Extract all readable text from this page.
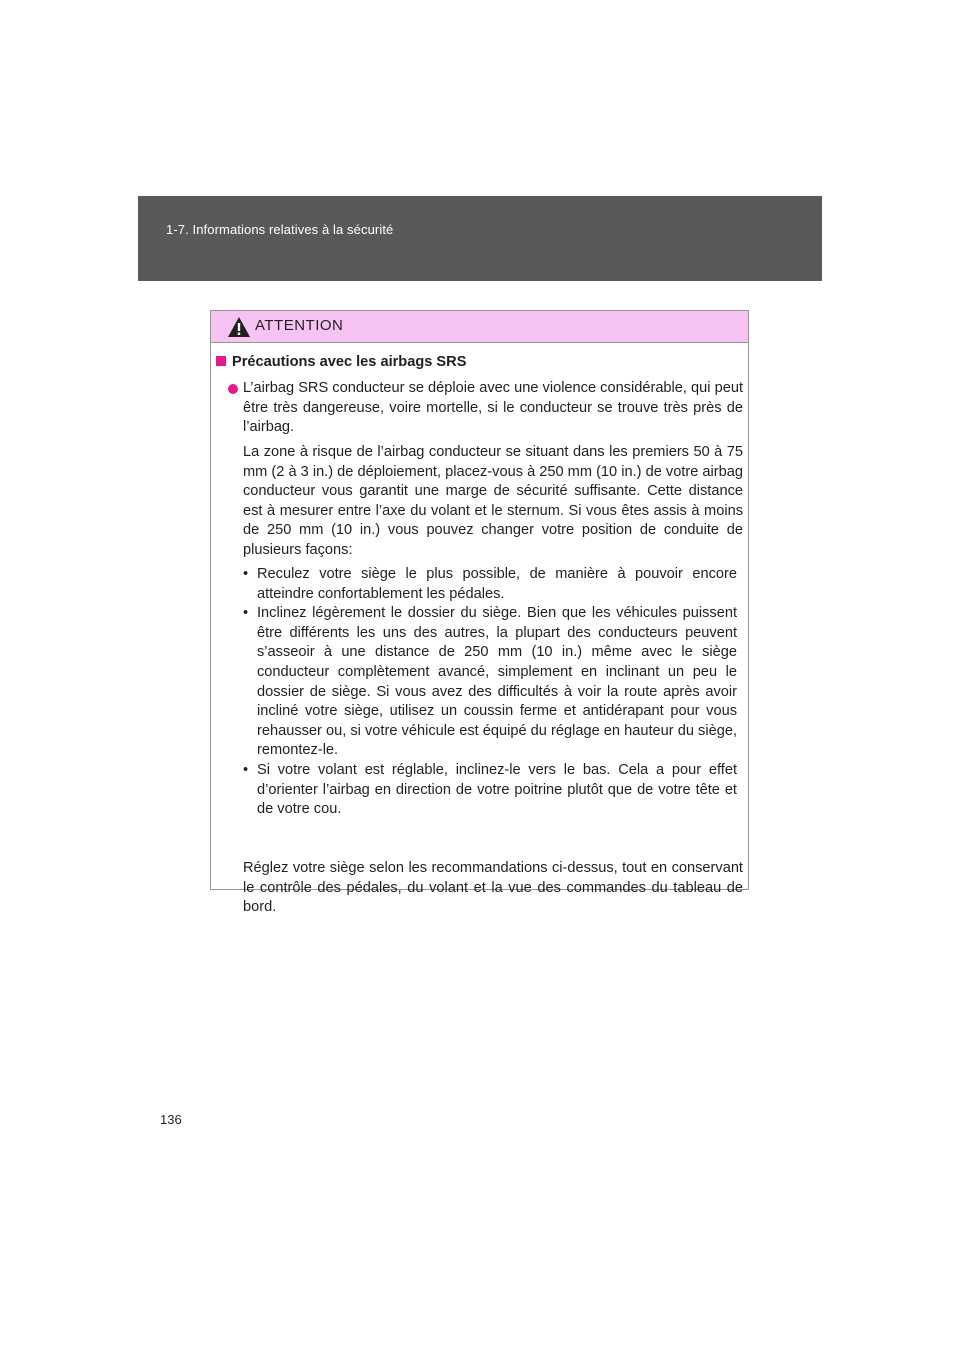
1-7. Informations relatives à la sécurité
ATTENTION
Précautions avec les airbags SRS

L’airbag SRS conducteur se déploie avec une violence considérable, qui peut être très dangereuse, voire mortelle, si le conducteur se trouve très près de l’airbag.

La zone à risque de l’airbag conducteur se situant dans les premiers 50 à 75 mm (2 à 3 in.) de déploiement, placez-vous à 250 mm (10 in.) de votre airbag conducteur vous garantit une marge de sécurité suffisante. Cette distance est à mesurer entre l’axe du volant et le sternum. Si vous êtes assis à moins de 250 mm (10 in.) vous pouvez changer votre position de conduite de plusieurs façons:

• Reculez votre siège le plus possible, de manière à pouvoir encore atteindre confortablement les pédales.
• Inclinez légèrement le dossier du siège. Bien que les véhicules puissent être différents les uns des autres, la plupart des conducteurs peuvent s’asseoir à une distance de 250 mm (10 in.) même avec le siège conducteur complètement avancé, simplement en inclinant un peu le dossier de siège. Si vous avez des difficultés à voir la route après avoir incliné votre siège, utilisez un coussin ferme et antidérapant pour vous rehausser ou, si votre véhicule est équipé du réglage en hauteur du siège, remontez-le.
• Si votre volant est réglable, inclinez-le vers le bas. Cela a pour effet d’orienter l’airbag en direction de votre poitrine plutôt que de votre tête et de votre cou.

Réglez votre siège selon les recommandations ci-dessus, tout en conservant le contrôle des pédales, du volant et la vue des commandes du tableau de bord.

136
